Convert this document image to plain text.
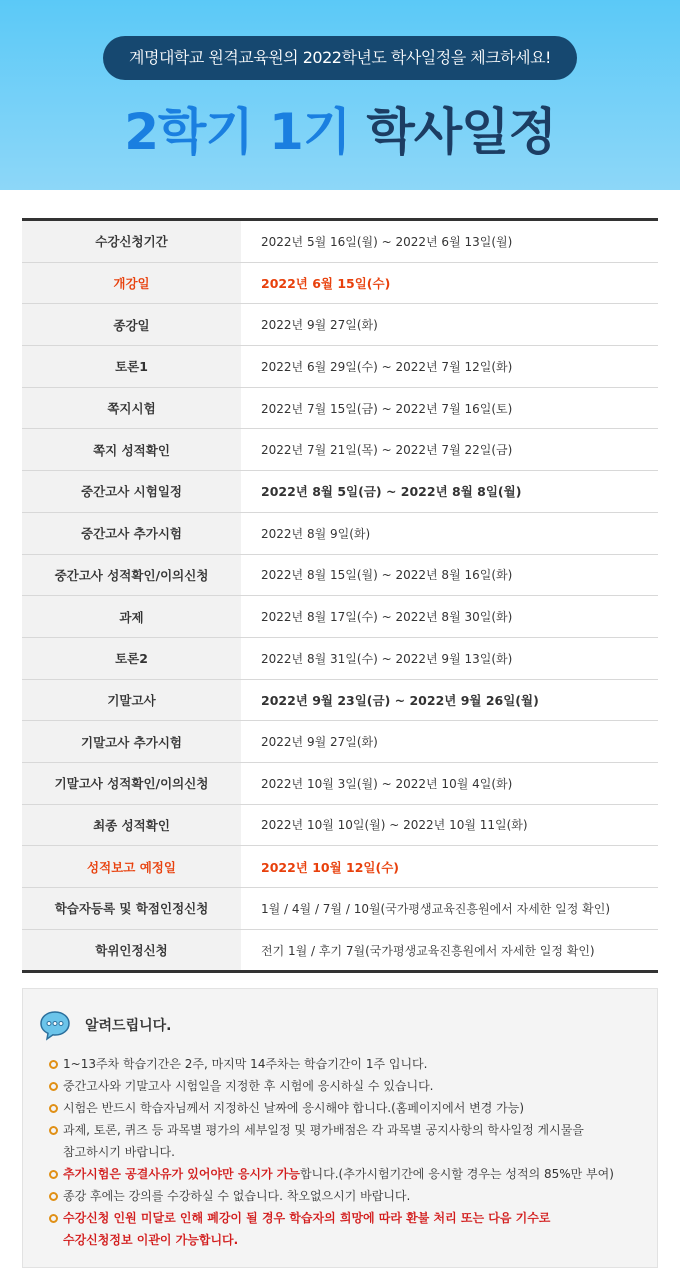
계명대학교 원격교육원의 2022학년도 학사일정을 체크하세요!
2학기 1기 학사일정
수강신청기간	2022년 5월 16일(월) ~ 2022년 6월 13일(월)
개강일	2022년 6월 15일(수)
종강일	2022년 9월 27일(화)
토론1	2022년 6월 29일(수) ~ 2022년 7월 12일(화)
쪽지시험	2022년 7월 15일(금) ~ 2022년 7월 16일(토)
쪽지 성적확인	2022년 7월 21일(목) ~ 2022년 7월 22일(금)
중간고사 시험일정	2022년 8월 5일(금) ~ 2022년 8월 8일(월)
중간고사 추가시험	2022년 8월 9일(화)
중간고사 성적확인/이의신청	2022년 8월 15일(월) ~ 2022년 8월 16일(화)
과제	2022년 8월 17일(수) ~ 2022년 8월 30일(화)
토론2	2022년 8월 31일(수) ~ 2022년 9월 13일(화)
기말고사	2022년 9월 23일(금) ~ 2022년 9월 26일(월)
기말고사 추가시험	2022년 9월 27일(화)
기말고사 성적확인/이의신청	2022년 10월 3일(월) ~ 2022년 10월 4일(화)
최종 성적확인	2022년 10월 10일(월) ~ 2022년 10월 11일(화)
성적보고 예정일	2022년 10월 12일(수)
학습자등록 및 학점인정신청	1월 / 4월 / 7월 / 10월(국가평생교육진흥원에서 자세한 일정 확인)
학위인정신청	전기 1월 / 후기 7월(국가평생교육진흥원에서 자세한 일정 확인)
알려드립니다.
1~13주차 학습기간은 2주, 마지막 14주차는 학습기간이 1주 입니다.
중간고사와 기말고사 시험일을 지정한 후 시험에 응시하실 수 있습니다.
시험은 반드시 학습자님께서 지정하신 날짜에 응시해야 합니다.(홈페이지에서 변경 가능)
과제, 토론, 퀴즈 등 과목별 평가의 세부일정 및 평가배점은 각 과목별 공지사항의 학사일정 게시물을
참고하시기 바랍니다.
추가시험은 공결사유가 있어야만 응시가 가능합니다.(추가시험기간에 응시할 경우는 성적의 85%만 부여)
종강 후에는 강의를 수강하실 수 없습니다. 착오없으시기 바랍니다.
수강신청 인원 미달로 인해 폐강이 될 경우 학습자의 희망에 따라 환불 처리 또는 다음 기수로
수강신청정보 이관이 가능합니다.
